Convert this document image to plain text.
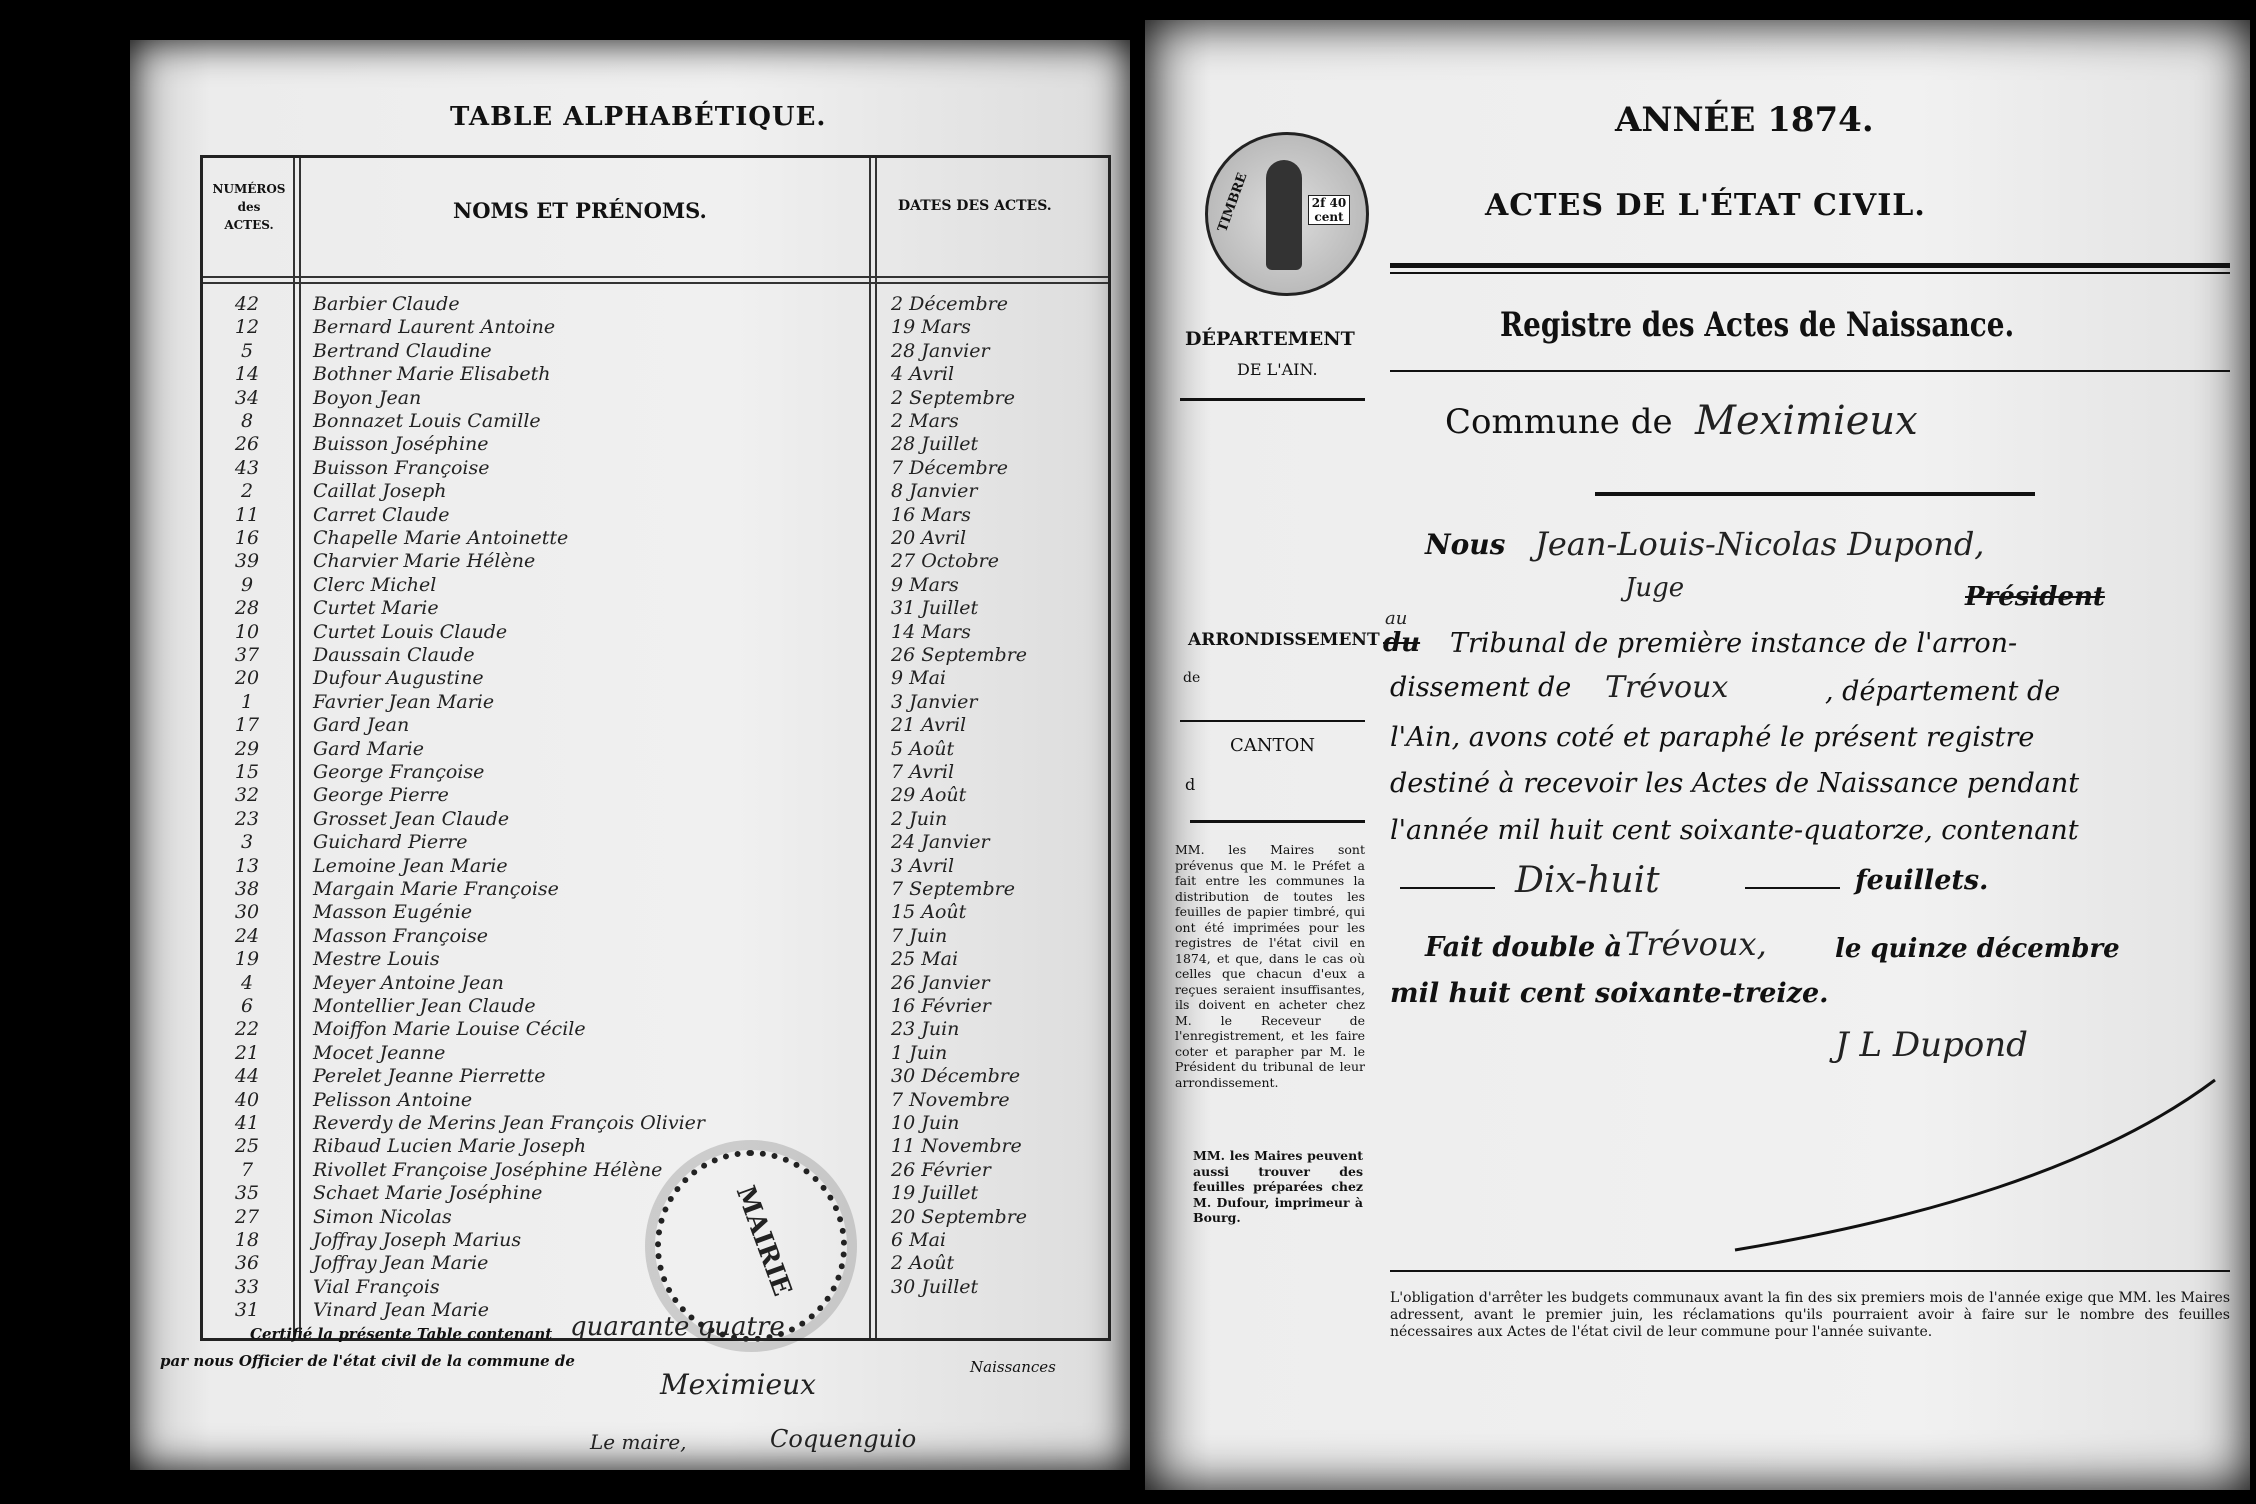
TABLE ALPHABÉTIQUE.
NUMÉROS des ACTES.
NOMS ET PRÉNOMS.	DATES DES ACTES.
42	Barbier Claude	2 Décembre
12	Bernard Laurent Antoine	19 Mars
5	Bertrand Claudine	28 Janvier
14	Bothner Marie Elisabeth	4 Avril
34	Boyon Jean	2 Septembre
8	Bonnazet Louis Camille	2 Mars
26	Buisson Joséphine	28 Juillet
43	Buisson Françoise	7 Décembre
2	Caillat Joseph	8 Janvier
11	Carret Claude	16 Mars
16	Chapelle Marie Antoinette	20 Avril
39	Charvier Marie Hélène	27 Octobre
9	Clerc Michel	9 Mars
28	Curtet Marie	31 Juillet
10	Curtet Louis Claude	14 Mars
37	Daussain Claude	26 Septembre
20	Dufour Augustine	9 Mai
1	Favrier Jean Marie	3 Janvier
17	Gard Jean	21 Avril
29	Gard Marie	5 Août
15	George Françoise	7 Avril
32	George Pierre	29 Août
23	Grosset Jean Claude	2 Juin
3	Guichard Pierre	24 Janvier
13	Lemoine Jean Marie	3 Avril
38	Margain Marie Françoise	7 Septembre
30	Masson Eugénie	15 Août
24	Masson Françoise	7 Juin
19	Mestre Louis	25 Mai
4	Meyer Antoine Jean	26 Janvier
6	Montellier Jean Claude	16 Février
22	Moiffon Marie Louise Cécile	23 Juin
21	Mocet Jeanne	1 Juin
44	Perelet Jeanne Pierrette	30 Décembre
40	Pelisson Antoine	7 Novembre
41	Reverdy de Merins Jean François Olivier	10 Juin
25	Ribaud Lucien Marie Joseph	11 Novembre
7	Rivollet Françoise Joséphine Hélène	26 Février
35	Schaet Marie Joséphine	19 Juillet
27	Simon Nicolas	20 Septembre
18	Joffray Joseph Marius	6 Mai
36	Joffray Jean Marie	2 Août
33	Vial François	30 Juillet
31	Vinard Jean Marie
MAIRIE
Certifié la présente Table contenant
par nous Officier de l'état civil de la commune de
quarante quatre
Naissances
Meximieux
Le maire,	Coquenguio
ANNÉE 1874.
TIMBRE	2f 40 cent	ACTES DE L'ÉTAT CIVIL.
DÉPARTEMENT
DE L'AIN.
Registre des Actes de Naissance.
Commune de Meximieux
Nous Jean-Louis-Nicolas Dupond,
Juge	Président
ARRONDISSEMENT
de
au
du Tribunal de première instance de l'arron-
dissement de Trévoux	, département de
CANTON
d
l'Ain, avons coté et paraphé le présent registre
destiné à recevoir les Actes de Naissance pendant
l'année mil huit cent soixante-quatorze, contenant
Dix-huit	feuillets.
Fait double à Trévoux,	le quinze décembre
mil huit cent soixante-treize.
J L Dupond
MM. les Maires sont prévenus que M. le Préfet a fait entre les communes la distribution de toutes les feuilles de papier timbré, qui ont été imprimées pour les registres de l'état civil en 1874, et que, dans le cas où celles que chacun d'eux a reçues seraient insuffisantes, ils doivent en acheter chez M. le Receveur de l'enregistrement, et les faire coter et parapher par M. le Président du tribunal de leur arrondissement.
MM. les Maires peuvent aussi trouver des feuilles préparées chez M. Dufour, imprimeur à Bourg.
L'obligation d'arrêter les budgets communaux avant la fin des six premiers mois de l'année exige que MM. les Maires adressent, avant le premier juin, les réclamations qu'ils pourraient avoir à faire sur le nombre des feuilles nécessaires aux Actes de l'état civil de leur commune pour l'année suivante.
